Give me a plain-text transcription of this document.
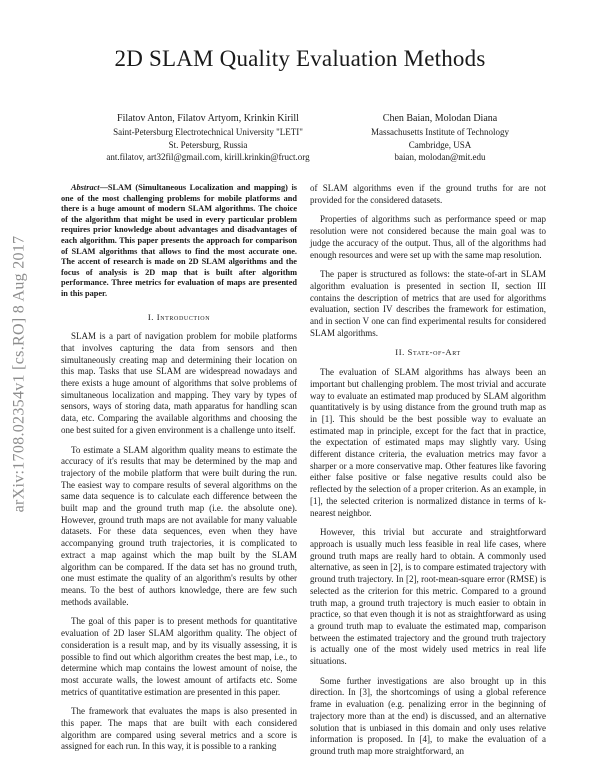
2D SLAM Quality Evaluation Methods
Filatov Anton, Filatov Artyom, Krinkin Kirill
Saint-Petersburg Electrotechnical University "LETI"
St. Petersburg, Russia
ant.filatov, art32fil@gmail.com, kirill.krinkin@fruct.org
Chen Baian, Molodan Diana
Massachusetts Institute of Technology
Cambridge, USA
baian, molodan@mit.edu
arXiv:1708.02354v1 [cs.RO] 8 Aug 2017

Abstract—SLAM (Simultaneous Localization and mapping) is one of the most challenging problems for mobile platforms and there is a huge amount of modern SLAM algorithms. The choice of the algorithm that might be used in every particular problem requires prior knowledge about advantages and disadvantages of each algorithm. This paper presents the approach for comparison of SLAM algorithms that allows to find the most accurate one. The accent of research is made on 2D SLAM algorithms and the focus of analysis is 2D map that is built after algorithm performance. Three metrics for evaluation of maps are presented in this paper.

I. Introduction

SLAM is a part of navigation problem for mobile platforms that involves capturing the data from sensors and then simultaneously creating map and determining their location on this map. Tasks that use SLAM are widespread nowadays and there exists a huge amount of algorithms that solve problems of simultaneous localization and mapping. They vary by types of sensors, ways of storing data, math apparatus for handling scan data, etc. Comparing the available algorithms and choosing the one best suited for a given environment is a challenge unto itself.

To estimate a SLAM algorithm quality means to estimate the accuracy of it's results that may be determined by the map and trajectory of the mobile platform that were built during the run. The easiest way to compare results of several algorithms on the same data sequence is to calculate each difference between the built map and the ground truth map (i.e. the absolute one). However, ground truth maps are not available for many valuable datasets. For these data sequences, even when they have accompanying ground truth trajectories, it is complicated to extract a map against which the map built by the SLAM algorithm can be compared. If the data set has no ground truth, one must estimate the quality of an algorithm's results by other means. To the best of authors knowledge, there are few such methods available.

The goal of this paper is to present methods for quantitative evaluation of 2D laser SLAM algorithm quality. The object of consideration is a result map, and by its visually assessing, it is possible to find out which algorithm creates the best map, i.e., to determine which map contains the lowest amount of noise, the most accurate walls, the lowest amount of artifacts etc. Some metrics of quantitative estimation are presented in this paper.

The framework that evaluates the maps is also presented in this paper. The maps that are built with each considered algorithm are compared using several metrics and a score is assigned for each run. In this way, it is possible to a ranking

of SLAM algorithms even if the ground truths for are not provided for the considered datasets.

Properties of algorithms such as performance speed or map resolution were not considered because the main goal was to judge the accuracy of the output. Thus, all of the algorithms had enough resources and were set up with the same map resolution.

The paper is structured as follows: the state-of-art in SLAM algorithm evaluation is presented in section II, section III contains the description of metrics that are used for algorithms evaluation, section IV describes the framework for estimation, and in section V one can find experimental results for considered SLAM algorithms.

II. State-of-Art

The evaluation of SLAM algorithms has always been an important but challenging problem. The most trivial and accurate way to evaluate an estimated map produced by SLAM algorithm quantitatively is by using distance from the ground truth map as in [1]. This should be the best possible way to evaluate an estimated map in principle, except for the fact that in practice, the expectation of estimated maps may slightly vary. Using different distance criteria, the evaluation metrics may favor a sharper or a more conservative map. Other features like favoring either false positive or false negative results could also be reflected by the selection of a proper criterion. As an example, in [1], the selected criterion is normalized distance in terms of k-nearest neighbor.

However, this trivial but accurate and straightforward approach is usually much less feasible in real life cases, where ground truth maps are really hard to obtain. A commonly used alternative, as seen in [2], is to compare estimated trajectory with ground truth trajectory. In [2], root-mean-square error (RMSE) is selected as the criterion for this metric. Compared to a ground truth map, a ground truth trajectory is much easier to obtain in practice, so that even though it is not as straightforward as using a ground truth map to evaluate the estimated map, comparison between the estimated trajectory and the ground truth trajectory is actually one of the most widely used metrics in real life situations.

Some further investigations are also brought up in this direction. In [3], the shortcomings of using a global reference frame in evaluation (e.g. penalizing error in the beginning of trajectory more than at the end) is discussed, and an alternative solution that is unbiased in this domain and only uses relative information is proposed. In [4], to make the evaluation of a ground truth map more straightforward, an
